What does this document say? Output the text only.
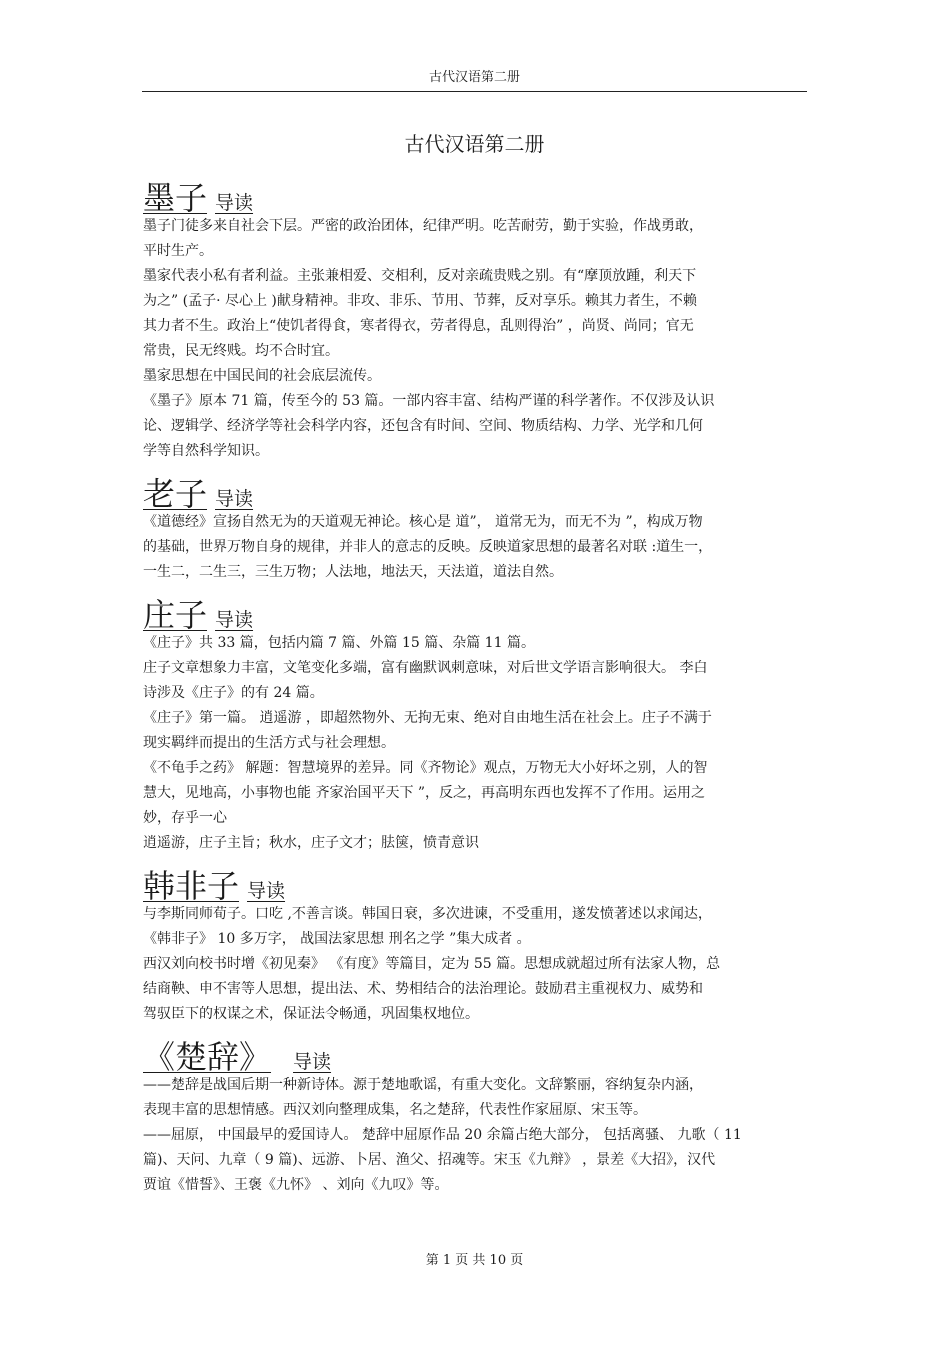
古代汉语第二册
古代汉语第二册
墨子 导读

墨子门徒多来自社会下层。严密的政治团体，纪律严明。吃苦耐劳，勤于实验，作战勇敢，

平时生产。

墨家代表小私有者利益。主张兼相爱、交相利，反对亲疏贵贱之别。有“摩顶放踵，利天下

为之” (孟子· 尽心上 )献身精神。非攻、非乐、节用、节葬，反对享乐。赖其力者生，不赖

其力者不生。政治上“使饥者得食，寒者得衣，劳者得息，乱则得治” ，尚贤、尚同；官无

常贵，民无终贱。均不合时宜。

墨家思想在中国民间的社会底层流传。

《墨子》原本 71 篇，传至今的 53 篇。一部内容丰富、结构严谨的科学著作。不仅涉及认识

论、逻辑学、经济学等社会科学内容，还包含有时间、空间、物质结构、力学、光学和几何

学等自然科学知识。

老子 导读

《道德经》宣扬自然无为的天道观无神论。核心是 道”， 道常无为，而无不为 ”，构成万物

的基础，世界万物自身的规律，并非人的意志的反映。反映道家思想的最著名对联 :道生一，

一生二，二生三，三生万物；人法地，地法天，天法道，道法自然。

庄子 导读

《庄子》共 33 篇，包括内篇 7 篇、外篇 15 篇、杂篇 11 篇。

庄子文章想象力丰富，文笔变化多端，富有幽默讽刺意味，对后世文学语言影响很大。 李白

诗涉及《庄子》的有 24 篇。

《庄子》第一篇。 逍遥游 ，即超然物外、无拘无束、绝对自由地生活在社会上。庄子不满于

现实羁绊而提出的生活方式与社会理想。

《不龟手之药》 解题：智慧境界的差异。同《齐物论》观点，万物无大小好坏之别，人的智

慧大，见地高，小事物也能 齐家治国平天下 ”，反之，再高明东西也发挥不了作用。运用之

妙，存乎一心

逍遥游，庄子主旨；秋水，庄子文才；胠箧，愤青意识

韩非子 导读

与李斯同师荀子。口吃 ,不善言谈。韩国日衰，多次进谏，不受重用，遂发愤著述以求闻达，

《韩非子》 10 多万字， 战国法家思想 刑名之学 ”集大成者 。

西汉刘向校书时增《初见秦》 《有度》等篇目，定为 55 篇。思想成就超过所有法家人物，总

结商鞅、申不害等人思想，提出法、术、势相结合的法治理论。鼓励君主重视权力、威势和

驾驭臣下的权谋之术，保证法令畅通，巩固集权地位。

《楚辞》 导读

——楚辞是战国后期一种新诗体。源于楚地歌谣，有重大变化。文辞繁丽，容纳复杂内涵，

表现丰富的思想情感。西汉刘向整理成集，名之楚辞，代表性作家屈原、宋玉等。

——屈原， 中国最早的爱国诗人。 楚辞中屈原作品 20 余篇占绝大部分， 包括离骚、 九歌（ 11

篇)、天问、九章（ 9 篇)、远游、卜居、渔父、招魂等。宋玉《九辩》 ，景差《大招》，汉代

贾谊《惜誓》、王褒《九怀》 、刘向《九叹》等。

第 1 页 共 10 页
